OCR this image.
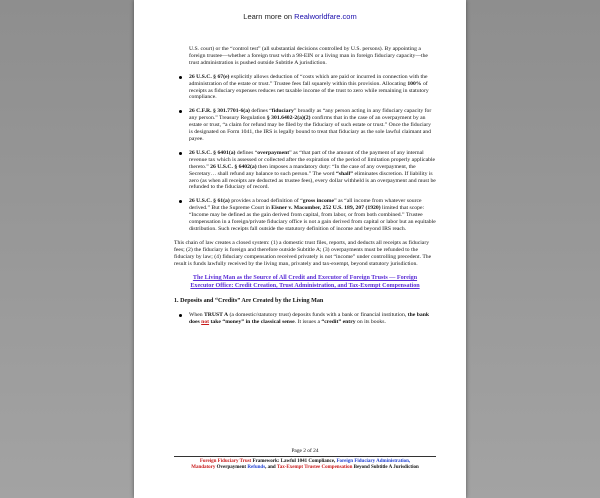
Learn more on Realworldfare.com

U.S. court) or the “control test” (all substantial decisions controlled by U.S. persons). By appointing a foreign trustee—whether a foreign trust with a 98-EIN or a living man in foreign fiduciary capacity—the trust administration is pushed outside Subtitle A jurisdiction.

26 U.S.C. § 67(e) explicitly allows deduction of “costs which are paid or incurred in connection with the administration of the estate or trust.” Trustee fees fall squarely within this provision. Allocating 100% of receipts as fiduciary expenses reduces net taxable income of the trust to zero while remaining in statutory compliance.
26 C.F.R. § 301.7701-6(a) defines “fiduciary” broadly as “any person acting in any fiduciary capacity for any person.” Treasury Regulation § 301.6402-2(a)(2) confirms that in the case of an overpayment by an estate or trust, “a claim for refund may be filed by the fiduciary of such estate or trust.” Once the fiduciary is designated on Form 1041, the IRS is legally bound to treat that fiduciary as the sole lawful claimant and payee.
26 U.S.C. § 6401(a) defines “overpayment” as “that part of the amount of the payment of any internal revenue tax which is assessed or collected after the expiration of the period of limitation properly applicable thereto.” 26 U.S.C. § 6402(a) then imposes a mandatory duty: “In the case of any overpayment, the Secretary… shall refund any balance to such person.” The word “shall” eliminates discretion. If liability is zero (as when all receipts are deducted as trustee fees), every dollar withheld is an overpayment and must be refunded to the fiduciary of record.
26 U.S.C. § 61(a) provides a broad definition of “gross income” as “all income from whatever source derived.” But the Supreme Court in Eisner v. Macomber, 252 U.S. 189, 207 (1920) limited that scope: “Income may be defined as the gain derived from capital, from labor, or from both combined.” Trustee compensation in a foreign/private fiduciary office is not a gain derived from capital or labor but an equitable distribution. Such receipts fall outside the statutory definition of income and beyond IRS reach.

This chain of law creates a closed system: (1) a domestic trust files, reports, and deducts all receipts as fiduciary fees; (2) the fiduciary is foreign and therefore outside Subtitle A; (3) overpayments must be refunded to the fiduciary by law; (4) fiduciary compensation received privately is not “income” under controlling precedent. The result is funds lawfully received by the living man, privately and tax-exempt, beyond statutory jurisdiction.

The Living Man as the Source of All Credit and Executor of Foreign Trusts — Foreign Executor Office: Credit Creation, Trust Administration, and Tax-Exempt Compensation
1. Deposits and “Credits” Are Created by the Living Man
When TRUST A (a domestic/statutory trust) deposits funds with a bank or financial institution, the bank does not take “money” in the classical sense. It issues a “credit” entry on its books.
Page 2 of 24
Foreign Fiduciary Trust Framework: Lawful 1041 Compliance, Foreign Fiduciary Administration,
Mandatory Overpayment Refunds, and Tax-Exempt Trustee Compensation Beyond Subtitle A Jurisdiction
